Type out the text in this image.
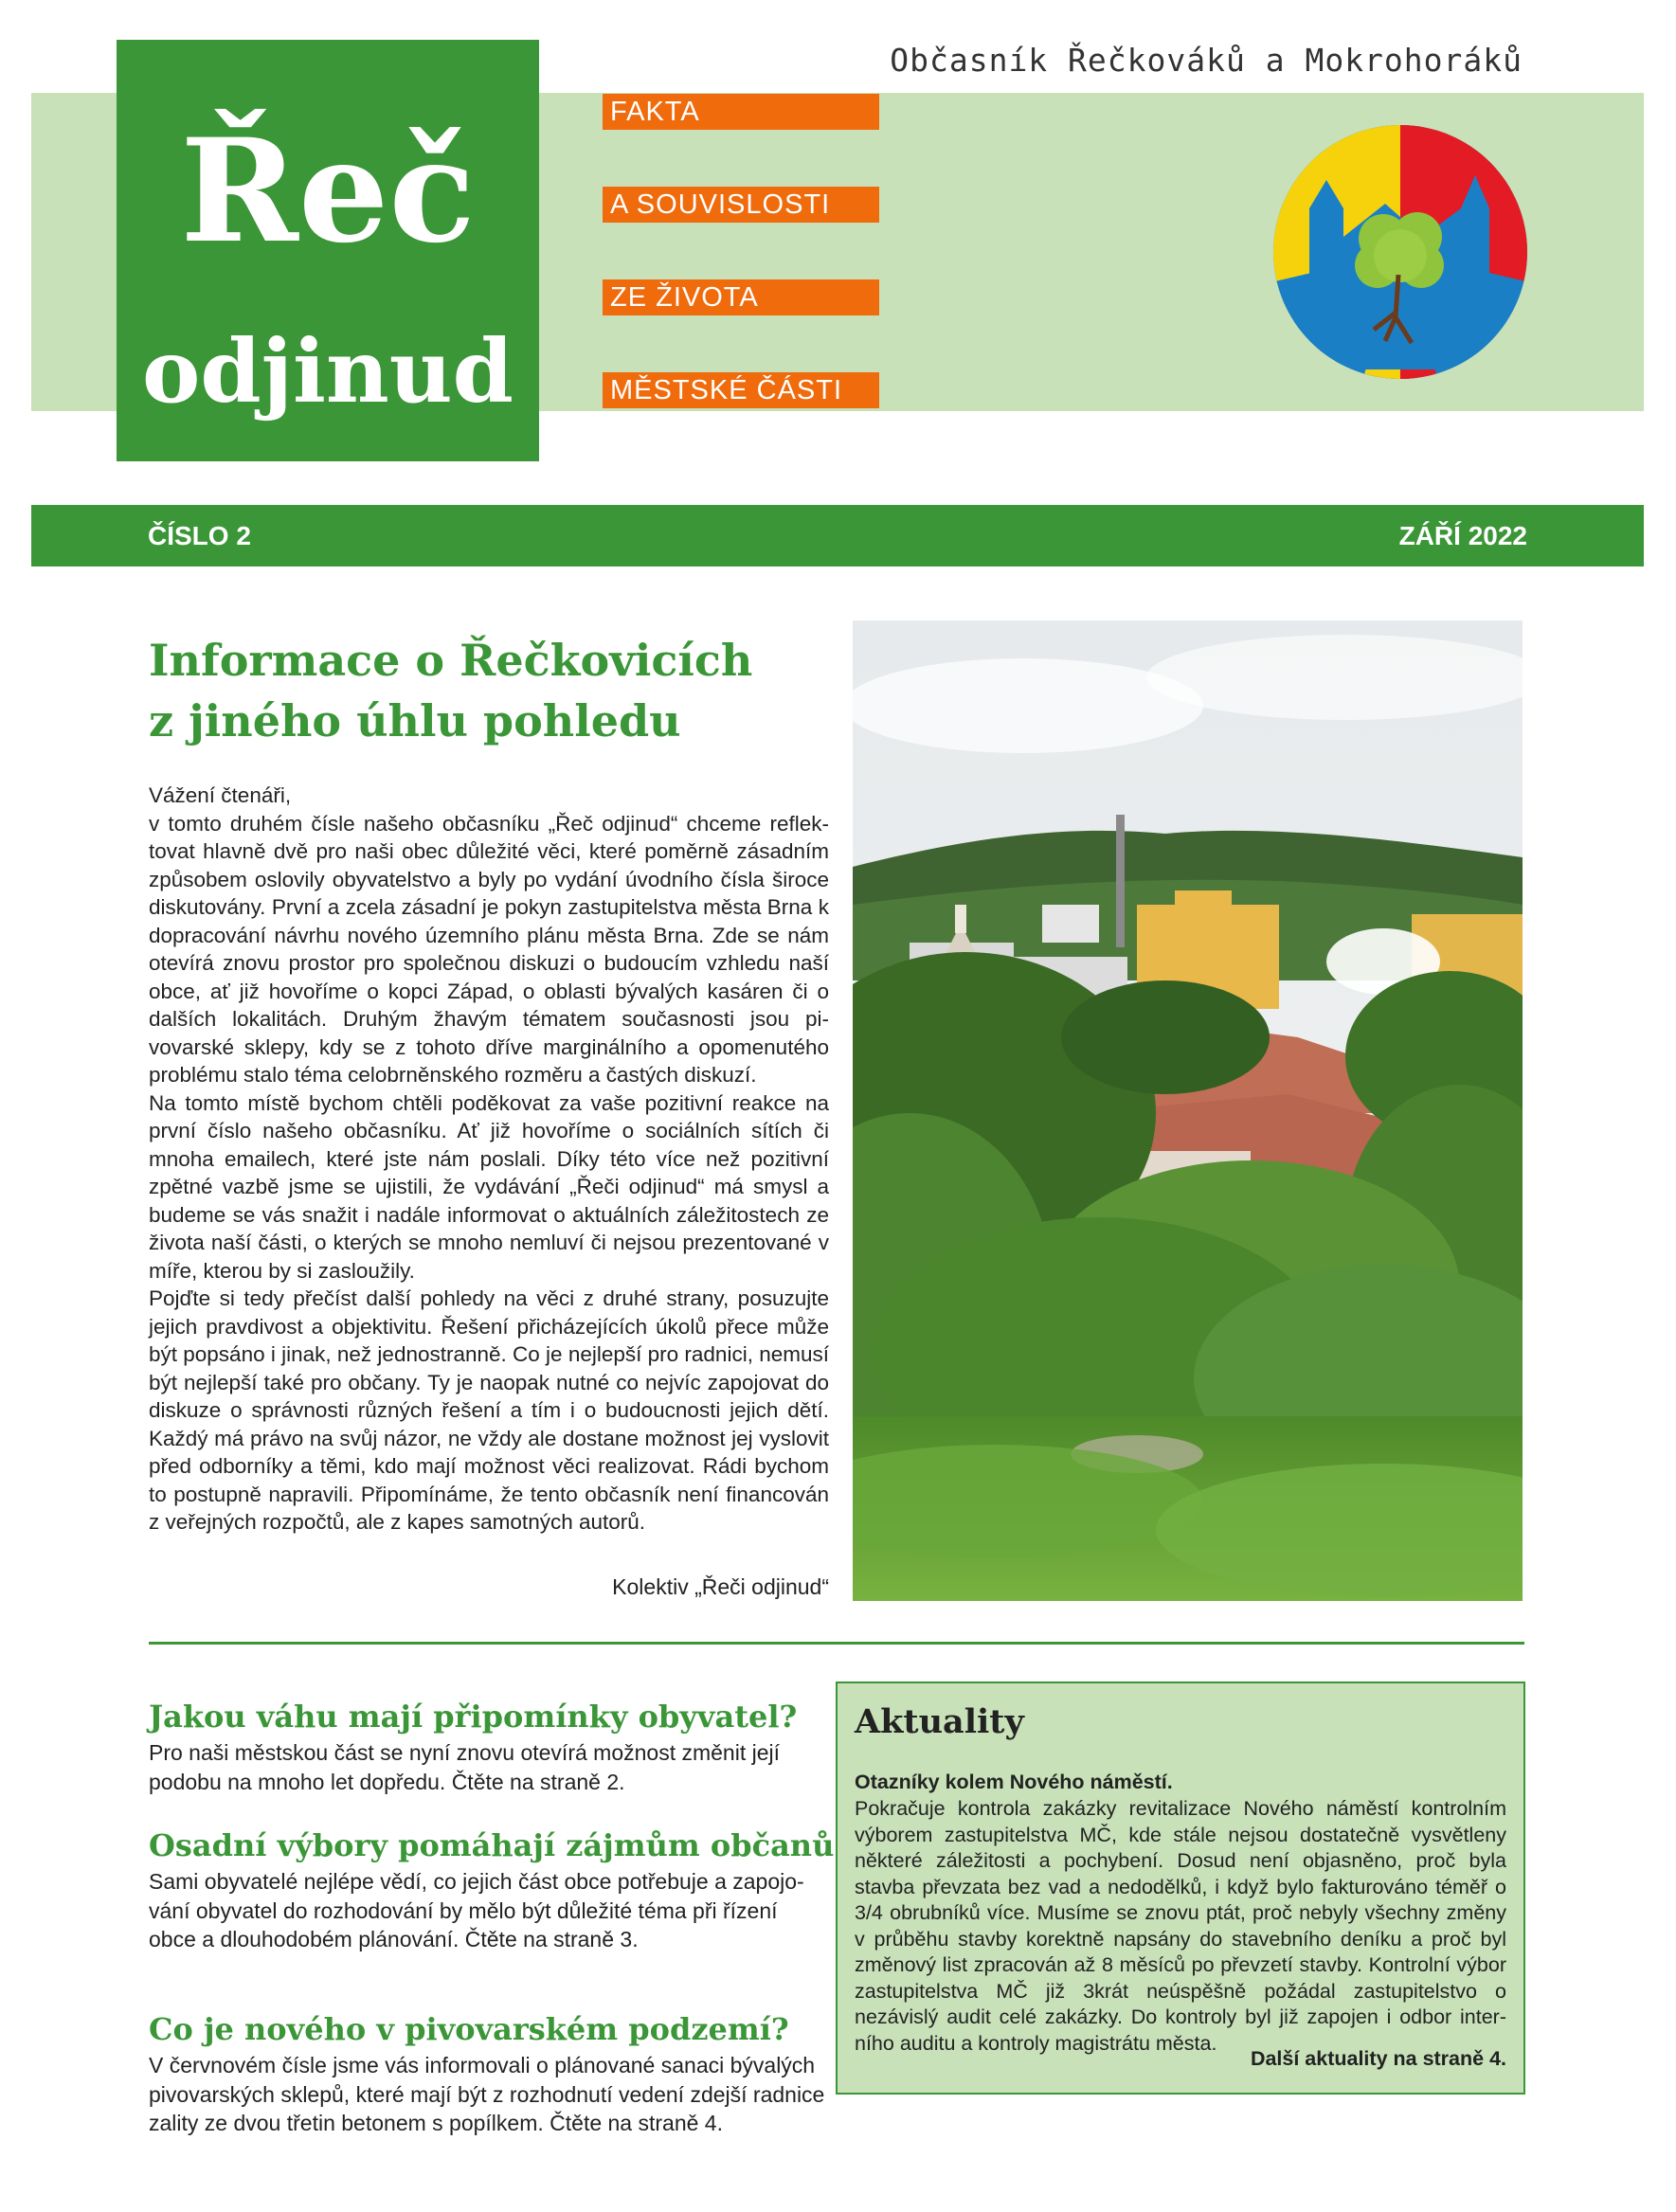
Občasník Řečkováků a Mokrohoráků
Řeč
odjinud
FAKTA
A SOUVISLOSTI
ZE ŽIVOTA
MĚSTSKÉ ČÁSTI
ČÍSLO 2	ZÁŘÍ 2022
Informace o Řečkovicích
z jiného úhlu pohledu

Vážení čtenáři,

v tomto druhém čísle našeho občasníku „Řeč odjinud“ chceme reflektovat hlavně dvě pro naši obec důležité věci, které poměrně zásadním způsobem oslovily obyvatelstvo a byly po vydání úvodního čísla široce diskutovány. První a zcela zásadní je pokyn zastupitelstva města Brna k dopracování návrhu nového územního plánu města Brna. Zde se nám otevírá znovu prostor pro společnou diskuzi o budoucím vzhledu naší obce, ať již hovoříme o kopci Západ, o oblasti bývalých kasáren či o dalších lokalitách. Druhým žhavým tématem současnosti jsou pivovarské sklepy, kdy se z tohoto dříve marginálního a opomenutého problému stalo téma celobrněnského rozměru a častých diskuzí.

Na tomto místě bychom chtěli poděkovat za vaše pozitivní reakce na první číslo našeho občasníku. Ať již hovoříme o sociálních sítích či mnoha emailech, které jste nám poslali. Díky této více než pozitivní zpětné vazbě jsme se ujistili, že vydávání „Řeči odjinud“ má smysl a budeme se vás snažit i nadále informovat o aktuálních záležitostech ze života naší části, o kterých se mnoho nemluví či nejsou prezentované v míře, kterou by si zasloužily.

Pojďte si tedy přečíst další pohledy na věci z druhé strany, posuzujte jejich pravdivost a objektivitu. Řešení přicházejících úkolů přece může být popsáno i jinak, než jednostranně. Co je nejlepší pro radnici, nemusí být nejlepší také pro občany. Ty je naopak nutné co nejvíc zapojovat do diskuze o správnosti různých řešení a tím i o budoucnosti jejich dětí. Každý má právo na svůj názor, ne vždy ale dostane možnost jej vyslovit před odborníky a těmi, kdo mají možnost věci realizovat. Rádi bychom to postupně napravili. Připomínáme, že tento občasník není financován z veřejných rozpočtů, ale z kapes samotných autorů.

Kolektiv „Řeči odjinud“
Jakou váhu mají připomínky obyvatel?
Pro naši městskou část se nyní znovu otevírá možnost změnit její podobu na mnoho let dopředu. Čtěte na straně 2.
Osadní výbory pomáhají zájmům občanů
Sami obyvatelé nejlépe vědí, co jejich část obce potřebuje a zapojování obyvatel do rozhodování by mělo být důležité téma při řízení obce a dlouhodobém plánování. Čtěte na straně 3.
Co je nového v pivovarském podzemí?
V červnovém čísle jsme vás informovali o plánované sanaci bývalých pivovarských sklepů, které mají být z rozhodnutí vedení zdejší radnice zality ze dvou třetin betonem s popílkem. Čtěte na straně 4.
Aktuality
Otazníky kolem Nového náměstí.
Pokračuje kontrola zakázky revitalizace Nového náměstí kontrolním výborem zastupitelstva MČ, kde stále nejsou dostatečně vysvětleny některé záležitosti a pochybení. Dosud není objasněno, proč byla stavba převzata bez vad a nedodělků, i když bylo fakturováno téměř o 3/4 obrubníků více. Musíme se znovu ptát, proč nebyly všechny změny v průběhu stavby korektně napsány do stavebního deníku a proč byl změnový list zpracován až 8 měsíců po převzetí stavby. Kontrolní výbor zastupitelstva MČ již 3krát neúspěšně požádal zastupitelstvo o nezávislý audit celé zakázky. Do kontroly byl již zapojen i odbor interního auditu a kontroly magistrátu města.
Další aktuality na straně 4.
